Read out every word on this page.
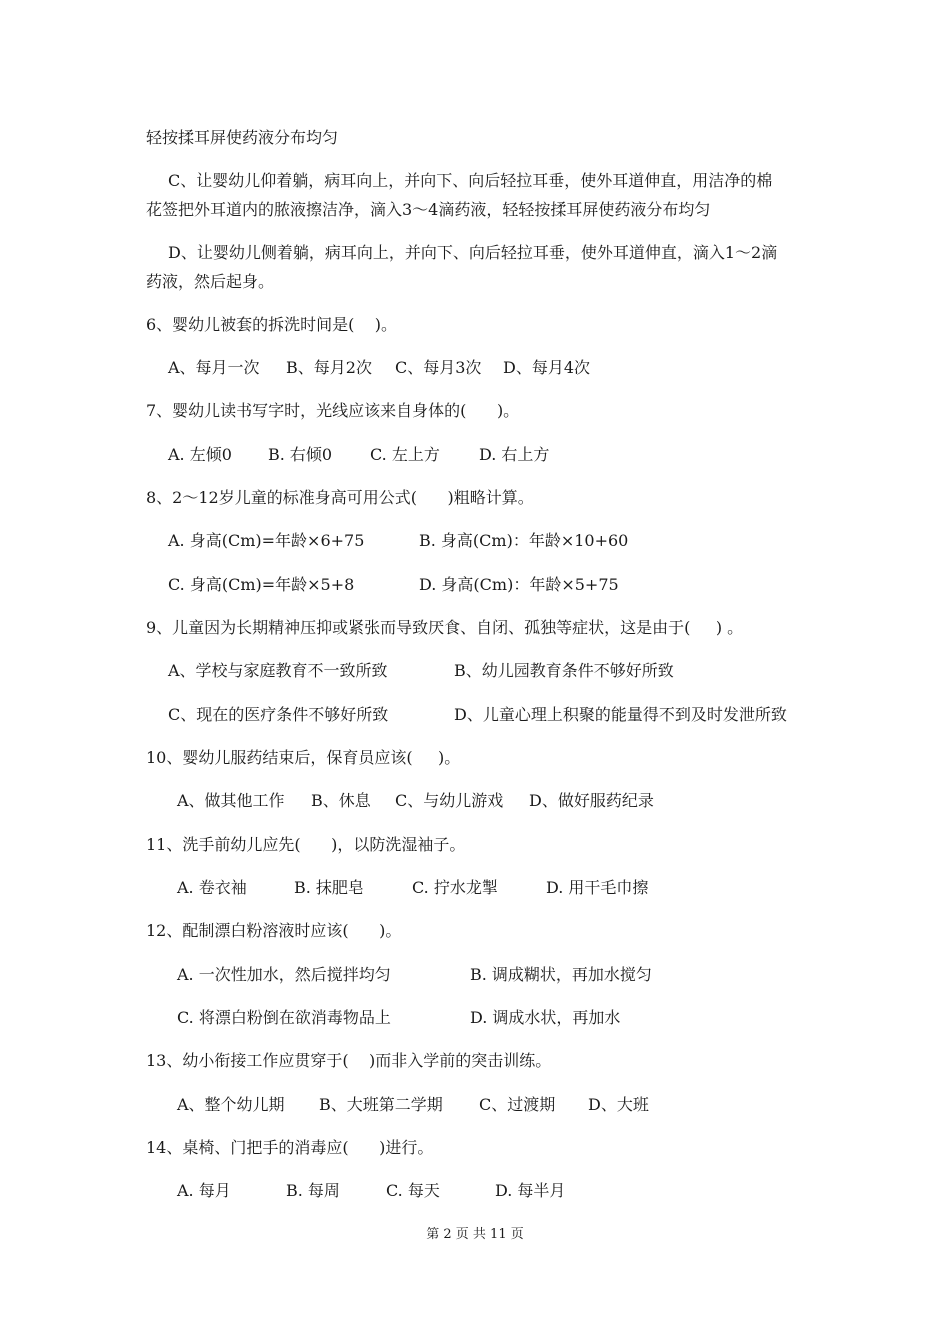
轻按揉耳屏使药液分布均匀
C、让婴幼儿仰着躺，病耳向上，并向下、向后轻拉耳垂，使外耳道伸直，用洁净的棉
花签把外耳道内的脓液擦洁净，滴入3～4滴药液，轻轻按揉耳屏使药液分布均匀
D、让婴幼儿侧着躺，病耳向上，并向下、向后轻拉耳垂，使外耳道伸直，滴入1～2滴
药液，然后起身。
6、婴幼儿被套的拆洗时间是(    )。
A、每月一次 B、每月2次 C、每月3次 D、每月4次
7、婴幼儿读书写字时，光线应该来自身体的(      )。
A. 左倾0 B. 右倾0 C. 左上方 D. 右上方
8、2～12岁儿童的标准身高可用公式(      )粗略计算。
A. 身高(Cm)=年龄×6+75	B. 身高(Cm)：年龄×10+60
C. 身高(Cm)=年龄×5+8	D. 身高(Cm)：年龄×5+75
9、儿童因为长期精神压抑或紧张而导致厌食、自闭、孤独等症状，这是由于(     ) 。
A、学校与家庭教育不一致所致	B、幼儿园教育条件不够好所致
C、现在的医疗条件不够好所致	D、儿童心理上积聚的能量得不到及时发泄所致
10、婴幼儿服药结束后，保育员应该(     )。
A、做其他工作 B、休息 C、与幼儿游戏 D、做好服药纪录
11、洗手前幼儿应先(      )，以防洗湿袖子。
A. 卷衣袖	B. 抹肥皂	C. 拧水龙掣	D. 用干毛巾擦
12、配制漂白粉溶液时应该(      )。
A. 一次性加水，然后搅拌均匀	B. 调成糊状，再加水搅匀
C. 将漂白粉倒在欲消毒物品上	D. 调成水状，再加水
13、幼小衔接工作应贯穿于(    )而非入学前的突击训练。
A、整个幼儿期 B、大班第二学期 C、过渡期 D、大班
14、桌椅、门把手的消毒应(      )进行。
A. 每月	B. 每周	C. 每天	D. 每半月
第 2 页 共 11 页
